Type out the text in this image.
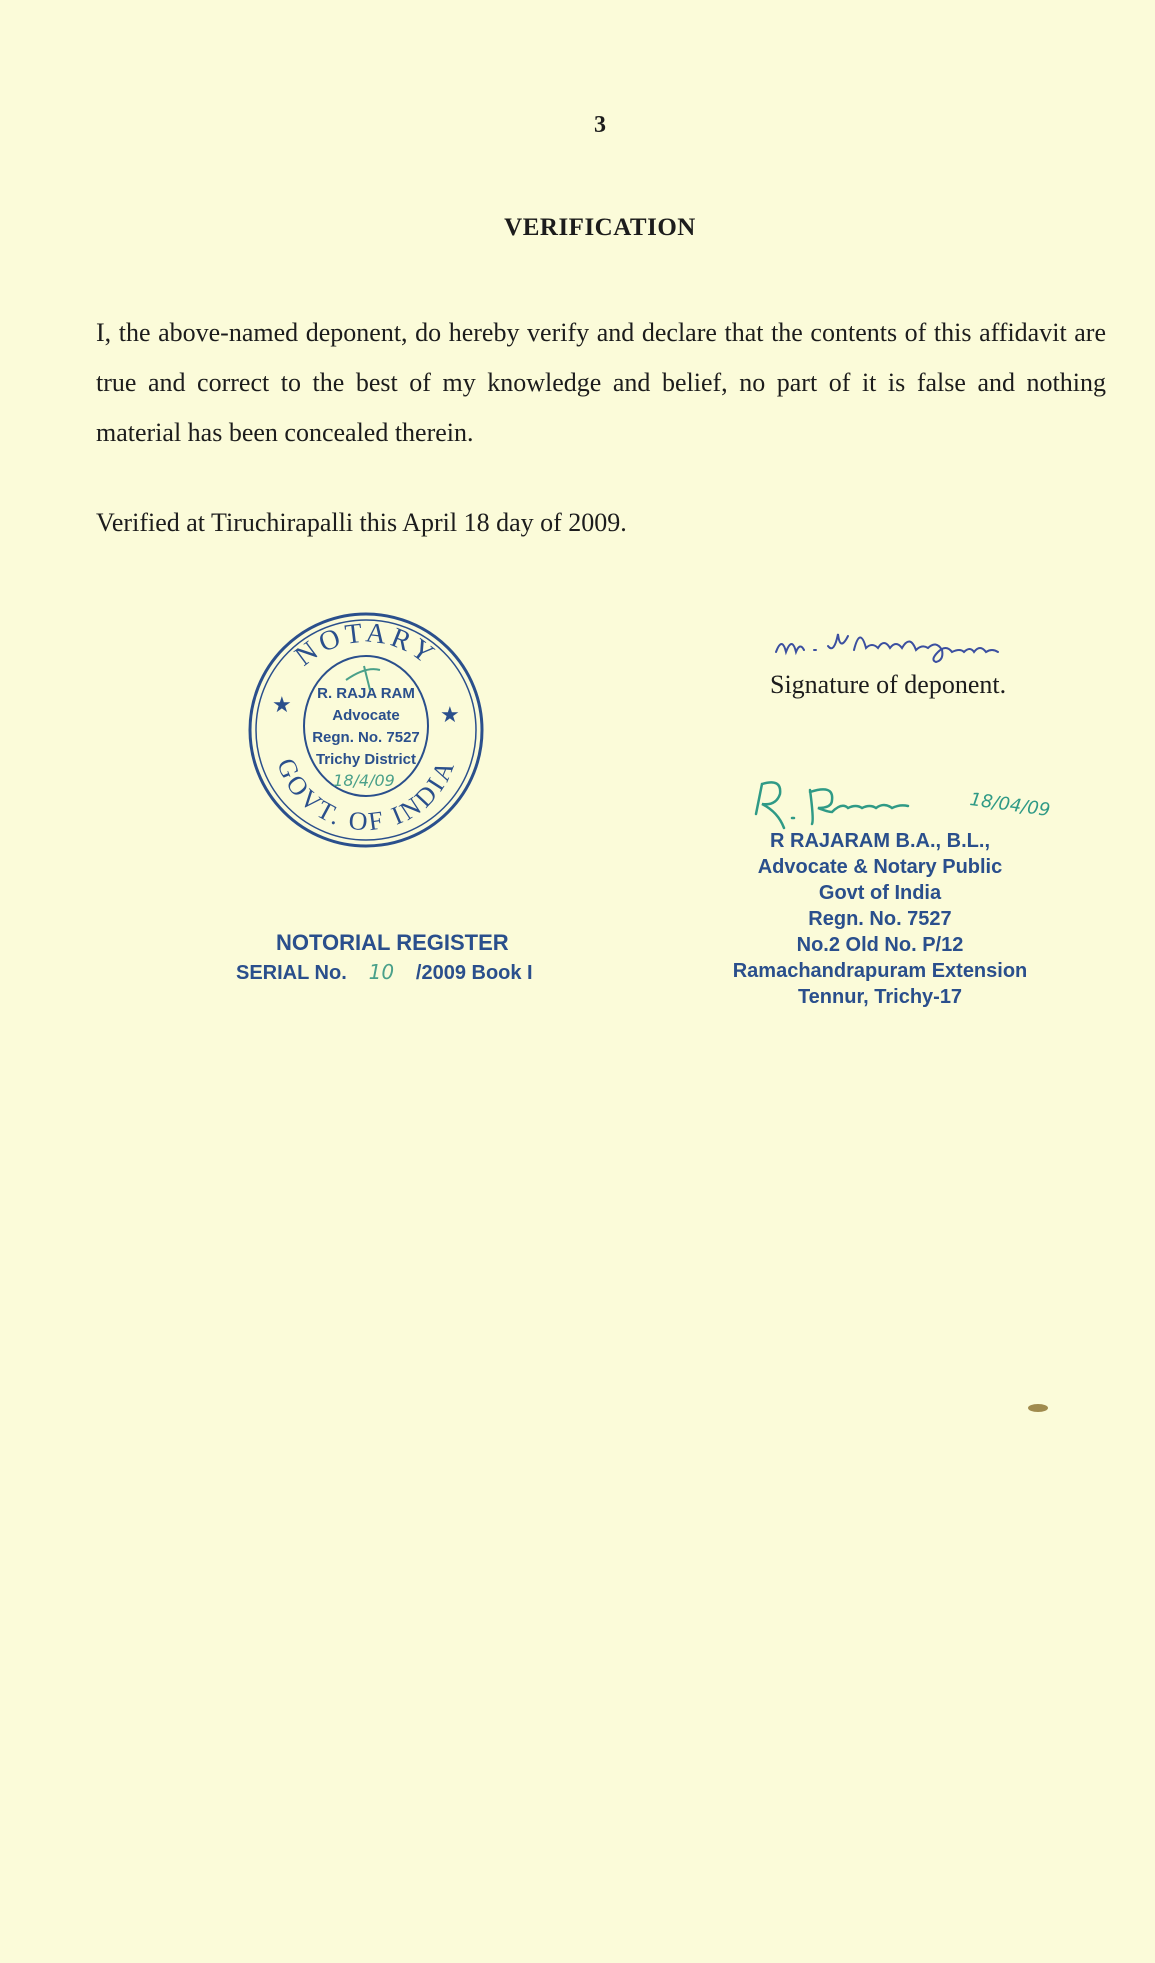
3
VERIFICATION

I, the above-named deponent, do hereby verify and declare that the contents of this affidavit are true and correct to the best of my knowledge and belief, no part of it is false and nothing material has been concealed therein.

Verified at Tiruchirapalli this April 18 day of 2009.
NOTARY
GOVT. OF INDIA
★	★
R. RAJA RAM
Advocate
Regn. No. 7527
Trichy District
18/4/09
Signature of deponent.
18/04/09
R RAJARAM B.A., B.L.,
Advocate & Notary Public
Govt of India
Regn. No. 7527
No.2 Old No. P/12
Ramachandrapuram Extension
Tennur, Trichy-17
NOTORIAL REGISTER
SERIAL No. 10 /2009 Book I
